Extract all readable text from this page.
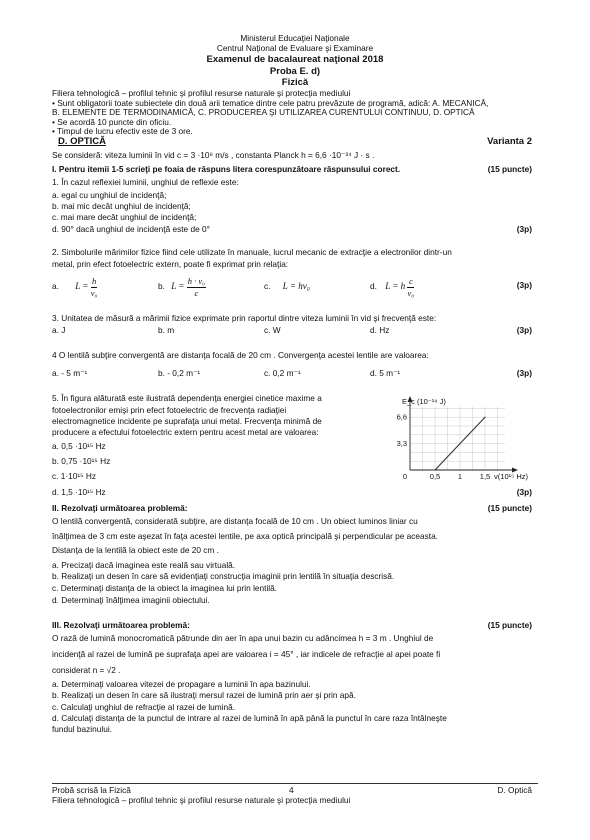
Ministerul Educaţiei Naţionale
Centrul Naţional de Evaluare şi Examinare
Examenul de bacalaureat naţional 2018
Proba E. d)
Fizică
Filiera tehnologică – profilul tehnic şi profilul resurse naturale şi protecţia mediului
• Sunt obligatorii toate subiectele din două arii tematice dintre cele patru prevăzute de programă, adică: A. MECANICĂ,
B. ELEMENTE DE TERMODINAMICĂ, C. PRODUCEREA ŞI UTILIZAREA CURENTULUI CONTINUU, D. OPTICĂ
• Se acordă 10 puncte din oficiu.
• Timpul de lucru efectiv este de 3 ore.
D. OPTICĂ	Varianta 2
Se consideră: viteza luminii în vid c = 3 ·10⁸ m/s , constanta Planck h = 6,6 ·10⁻³⁴ J · s .
I. Pentru itemii 1-5 scrieţi pe foaia de răspuns litera corespunzătoare răspunsului corect.	(15 puncte)
1. În cazul reflexiei luminii, unghiul de reflexie este:
a. egal cu unghiul de incidenţă;
b. mai mic decât unghiul de incidenţă;
c. mai mare decât unghiul de incidenţă;
d. 90° dacă unghiul de incidenţă este de 0°	(3p)
2. Simbolurile mărimilor fizice fiind cele utilizate în manuale, lucrul mecanic de extracţie a electronilor dintr-un
metal, prin efect fotoelectric extern, poate fi exprimat prin relaţia:
a. $L = \frac{h}{\text{ν₀}}$	b. $L = \frac{\text{h · ν₀}}{c}$	c. L = hν₀	d. L = h $\frac{c}{\text{ν₀}}$	(3p)
3. Unitatea de măsură a mărimii fizice exprimate prin raportul dintre viteza luminii în vid şi frecvenţă este:
a. J	b. m	c. W	d. Hz	(3p)
4 O lentilă subţire convergentă are distanţa focală de 20 cm . Convergenţa acestei lentile are valoarea:
a. - 5 m⁻¹	b. - 0,2 m⁻¹	c. 0,2 m⁻¹	d. 5 m⁻¹	(3p)
5. În figura alăturată este ilustrată dependenţa energiei cinetice maxime a
fotoelectronilor emişi prin efect fotoelectric de frecvenţa radiaţiei
electromagnetice incidente pe suprafaţa unui metal. Frecvenţa minimă de
producere a efectului fotoelectric extern pentru acest metal are valoarea:
a. 0,5 ·10¹⁵ Hz
b. 0,75 ·10¹⁵ Hz
c. 1·10¹⁵ Hz
d. 1,5 ·10¹⁵ Hz	(3p)
0,5 1 1,5
3,3
6,6
0
E_c (10⁻¹⁹ J)
ν(10¹⁵ Hz)
II. Rezolvaţi următoarea problemă:	(15 puncte)
O lentilă convergentă, considerată subţire, are distanţa focală de 10 cm . Un obiect luminos liniar cu
înălţimea de 3 cm este aşezat în faţa acestei lentile, pe axa optică principală şi perpendicular pe aceasta.
Distanţa de la lentilă la obiect este de 20 cm .
a. Precizaţi dacă imaginea este reală sau virtuală.
b. Realizaţi un desen în care să evidenţiaţi construcţia imaginii prin lentilă în situaţia descrisă.
c. Determinaţi distanţa de la obiect la imaginea lui prin lentilă.
d. Determinaţi înălţimea imaginii obiectului.
III. Rezolvaţi următoarea problemă:	(15 puncte)
O rază de lumină monocromatică pătrunde din aer în apa unui bazin cu adâncimea h = 3 m . Unghiul de
incidenţă al razei de lumină pe suprafaţa apei are valoarea i = 45° , iar indicele de refracţie al apei poate fi
considerat n = √2 .
a. Determinaţi valoarea vitezei de propagare a luminii în apa bazinului.
b. Realizaţi un desen în care să ilustraţi mersul razei de lumină prin aer şi prin apă.
c. Calculaţi unghiul de refracţie al razei de lumină.
d. Calculaţi distanţa de la punctul de intrare al razei de lumină în apă până la punctul în care raza întâlneşte
fundul bazinului.
Probă scrisă la Fizică	4	D. Optică
Filiera tehnologică – profilul tehnic şi profilul resurse naturale şi protecţia mediului
